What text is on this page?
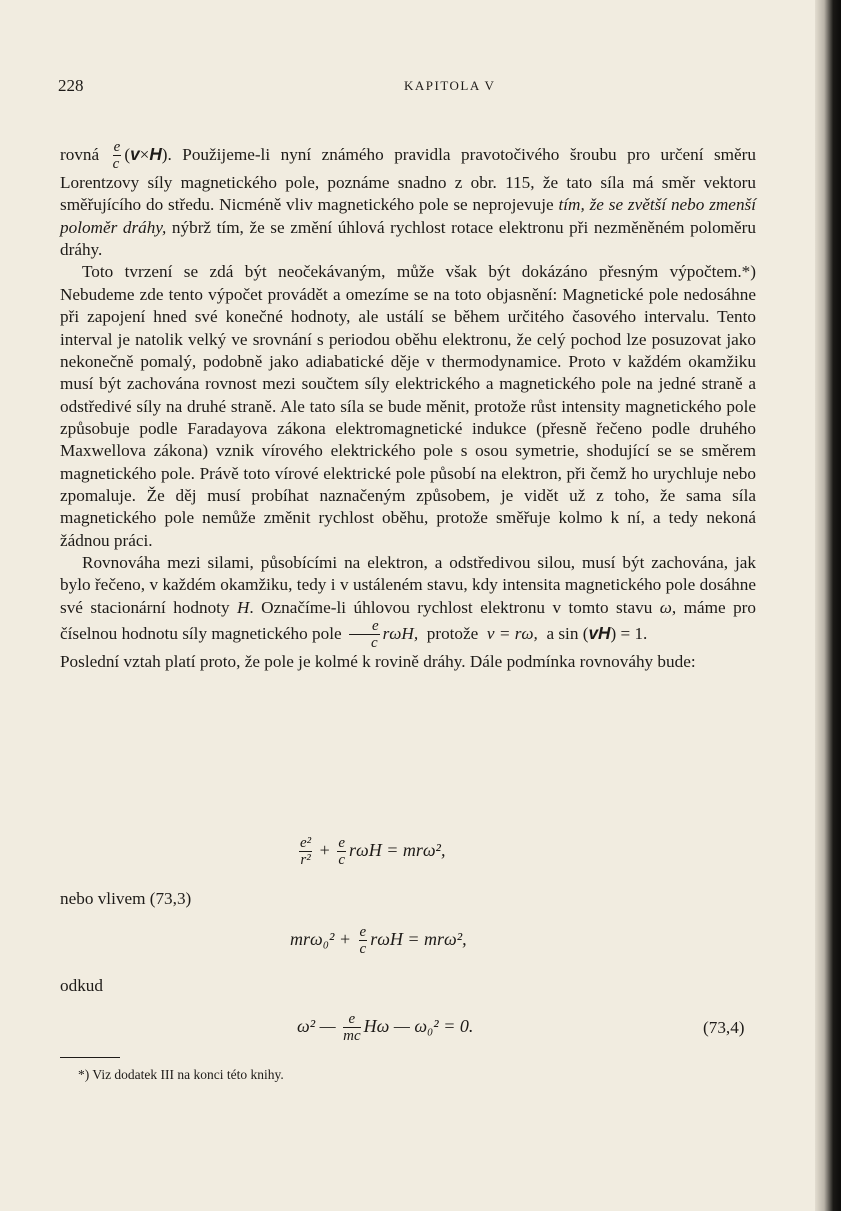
228	KAPITOLA V

rovná $\frac{e}{c} (v\times H)$. Použijeme-li nyní známého pravidla pravotočivého šroubu pro určení směru Lorentzovy síly magnetického pole, poznáme snadno z obr. 115, že tato síla má směr vektoru směřujícího do středu. Nicméně vliv magnetického pole se neprojevuje tím, že se zvětší nebo zmenší poloměr dráhy, nýbrž tím, že se změní úhlová rychlost rotace elektronu při nezměněném poloměru dráhy.

Toto tvrzení se zdá být neočekávaným, může však být dokázáno přesným výpočtem.*) Nebudeme zde tento výpočet provádět a omezíme se na toto objasnění: Magnetické pole nedosáhne při zapojení hned své konečné hodnoty, ale ustálí se během určitého časového intervalu. Tento interval je natolik velký ve srovnání s periodou oběhu elektronu, že celý pochod lze posuzovat jako nekonečně pomalý, podobně jako adiabatické děje v thermodynamice. Proto v každém okamžiku musí být zachována rovnost mezi součtem síly elektrického a magnetického pole na jedné straně a odstředivé síly na druhé straně. Ale tato síla se bude měnit, protože růst intensity magnetického pole způsobuje podle Faradayova zákona elektromagnetické indukce (přesně řečeno podle druhého Maxwellova zákona) vznik vírového elektrického pole s osou symetrie, shodující se se směrem magnetického pole. Právě toto vírové elektrické pole působí na elektron, při čemž ho urychluje nebo zpomaluje. Že děj musí probíhat naznačeným způsobem, je vidět už z toho, že sama síla magnetického pole nemůže změnit rychlost oběhu, protože směřuje kolmo k ní, a tedy nekoná žádnou práci.

Rovnováha mezi silami, působícími na elektron, a odstředivou silou, musí být zachována, jak bylo řečeno, v každém okamžiku, tedy i v ustáleném stavu, kdy intensita magnetického pole dosáhne své stacionární hodnoty H. Označíme-li úhlovou rychlost elektronu v tomto stavu ω, máme pro číselnou hodnotu síly magnetického pole $\frac{e}{c} r\omega H$, protože v = rω, a sin (vH) = 1.

Poslední vztah platí proto, že pole je kolmé k rovině dráhy. Dále podmínka rovnováhy bude:

$\frac{\text{e²}}{\text{r²}} + \frac{e}{c}$ rωH = mrω²,

nebo vlivem (73,3)

$mr\omega_0^2 + \frac{e}{c}$ rωH = mrω²,

odkud

ω² — $\frac{e}{mc}$ Hω — ω₀² = 0.	(73,4)
*) Viz dodatek III na konci této knihy.
